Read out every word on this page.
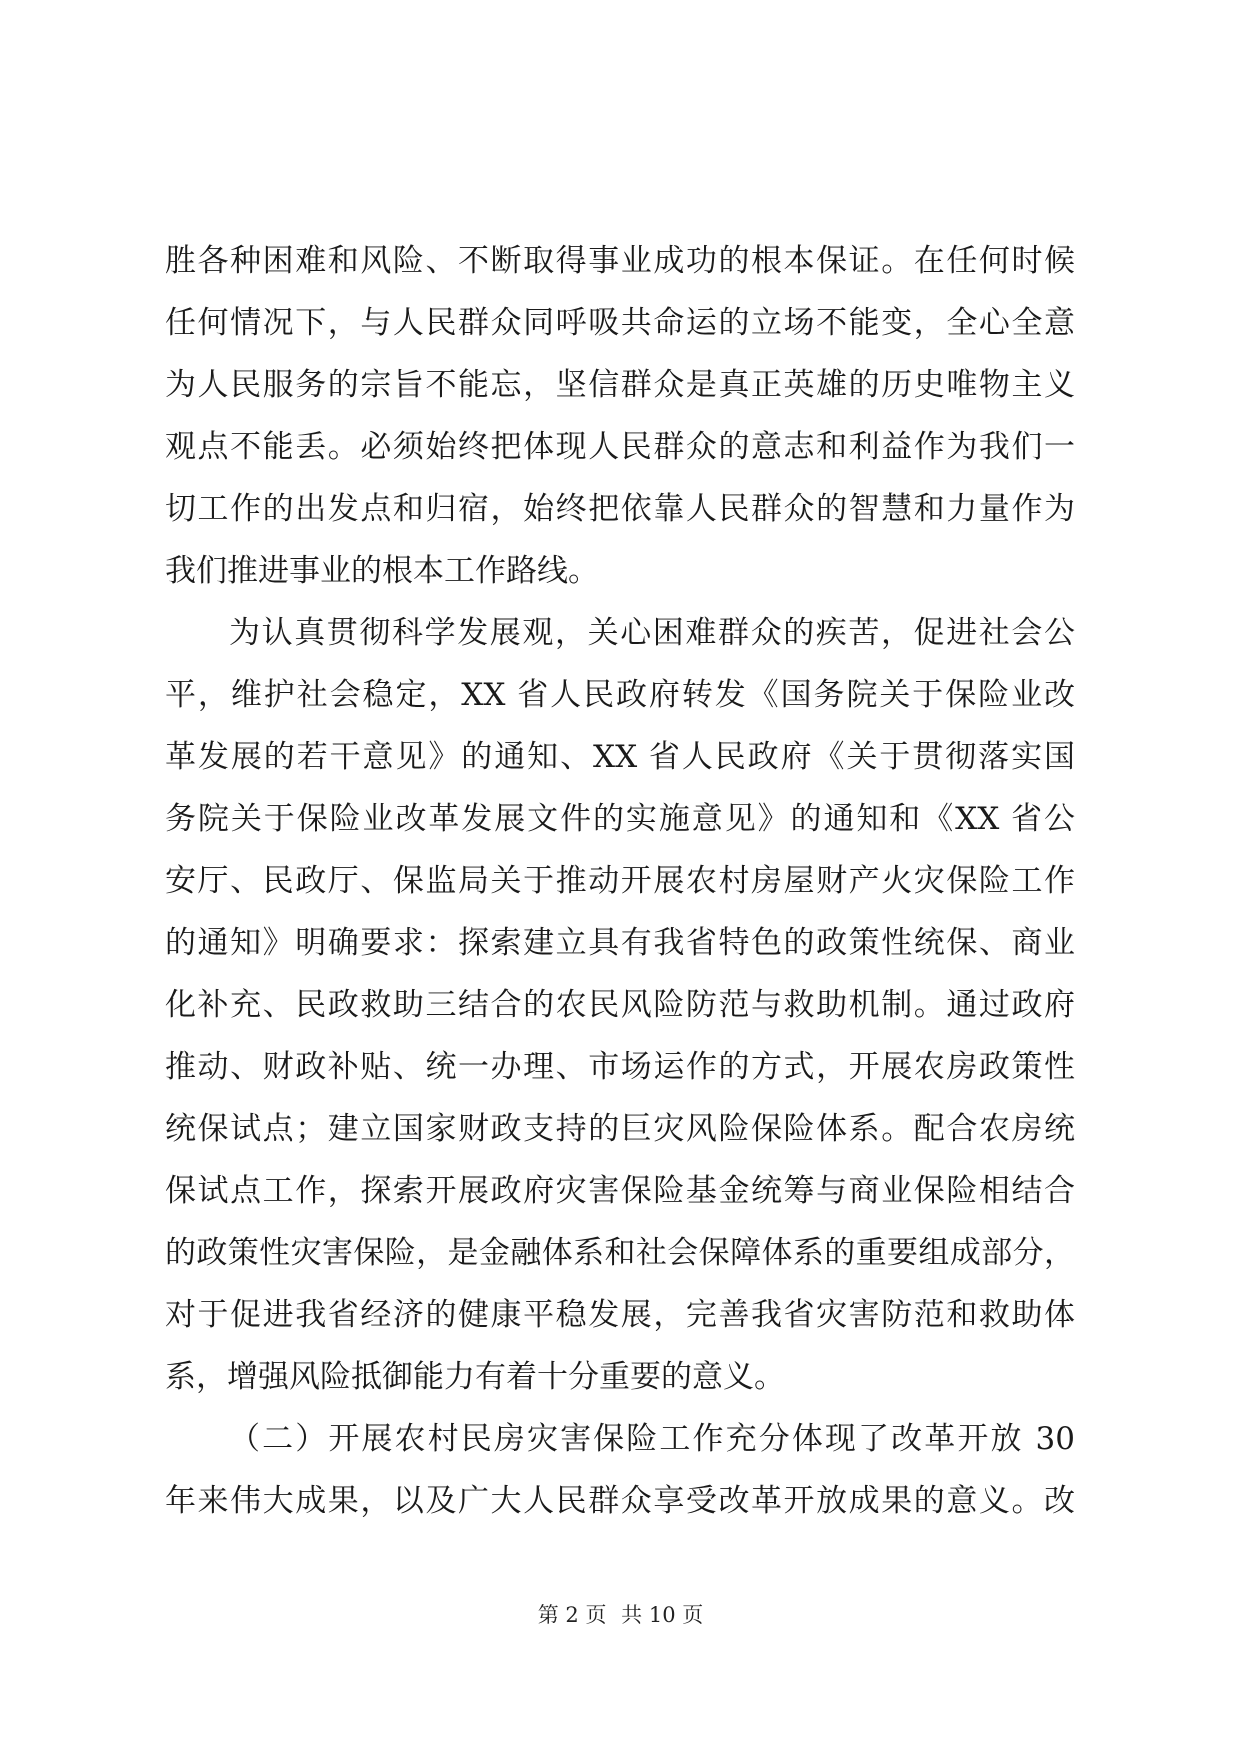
胜各种困难和风险、不断取得事业成功的根本保证。在任何时候
任何情况下，与人民群众同呼吸共命运的立场不能变，全心全意
为人民服务的宗旨不能忘，坚信群众是真正英雄的历史唯物主义
观点不能丢。必须始终把体现人民群众的意志和利益作为我们一
切工作的出发点和归宿，始终把依靠人民群众的智慧和力量作为
我们推进事业的根本工作路线。
为认真贯彻科学发展观，关心困难群众的疾苦，促进社会公
平，维护社会稳定，XX 省人民政府转发《国务院关于保险业改
革发展的若干意见》的通知、XX 省人民政府《关于贯彻落实国
务院关于保险业改革发展文件的实施意见》的通知和《XX 省公
安厅、民政厅、保监局关于推动开展农村房屋财产火灾保险工作
的通知》明确要求：探索建立具有我省特色的政策性统保、商业
化补充、民政救助三结合的农民风险防范与救助机制。通过政府
推动、财政补贴、统一办理、市场运作的方式，开展农房政策性
统保试点；建立国家财政支持的巨灾风险保险体系。配合农房统
保试点工作，探索开展政府灾害保险基金统筹与商业保险相结合
的政策性灾害保险，是金融体系和社会保障体系的重要组成部分，
对于促进我省经济的健康平稳发展，完善我省灾害防范和救助体
系，增强风险抵御能力有着十分重要的意义。
（二）开展农村民房灾害保险工作充分体现了改革开放 30
年来伟大成果，以及广大人民群众享受改革开放成果的意义。改
第 2 页 共 10 页
